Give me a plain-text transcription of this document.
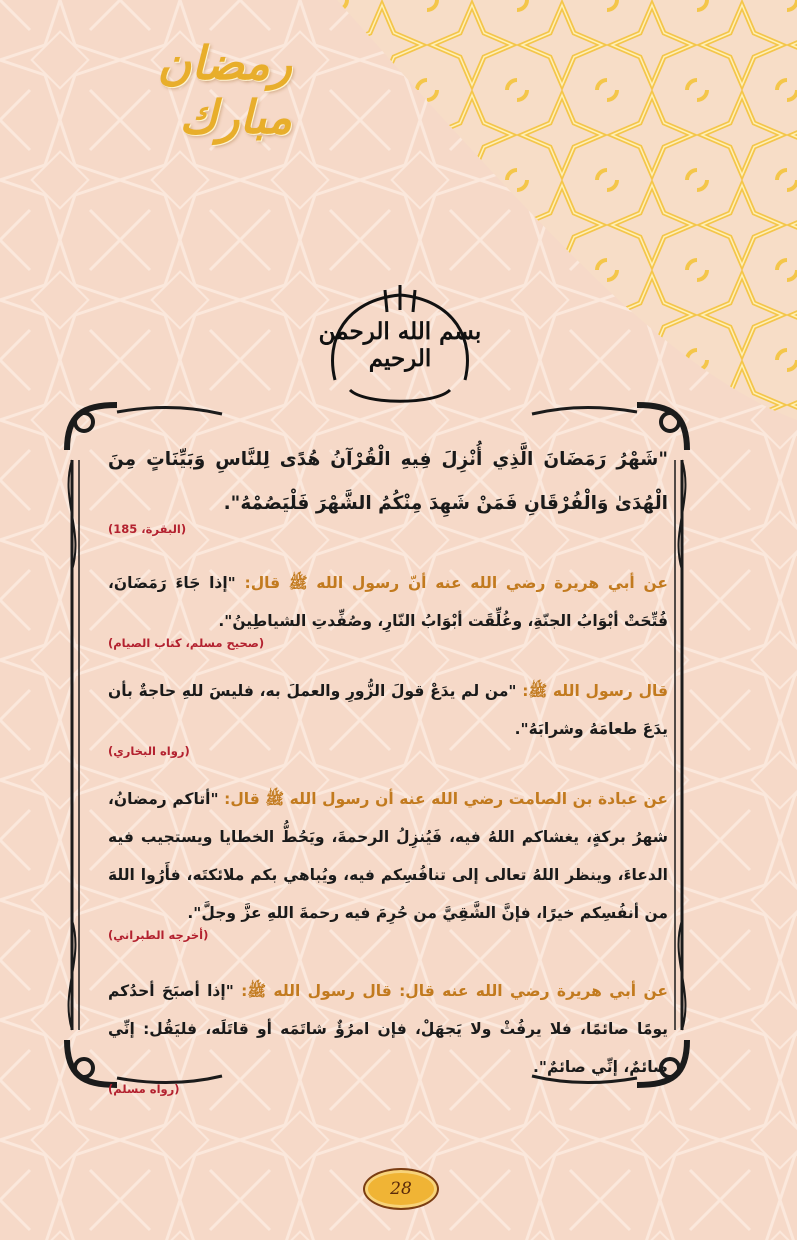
رمضان مبارك
بسم الله الرحمن الرحيم
"شَهْرُ رَمَضَانَ الَّذِي أُنْزِلَ فِيهِ الْقُرْآنُ هُدًى لِلنَّاسِ وَبَيِّنَاتٍ مِنَ الْهُدَىٰ وَالْفُرْقَانِ فَمَنْ شَهِدَ مِنْكُمُ الشَّهْرَ فَلْيَصُمْهُ".
(البقرة، 185)
عن أبي هريرة رضي الله عنه أنّ رسول الله ﷺ قال: "إذا جَاءَ رَمَضَانَ، فُتِّحَتْ أبْوَابُ الجنّةِ، وغُلِّقَت أبْوَابُ النّارِ، وصُفِّدتِ الشياطِينُ".
(صحيح مسلم، كتاب الصيام)
قال رسول الله ﷺ: "من لم يدَعْ قولَ الزُّورِ والعملَ به، فليسَ للهِ حاجةٌ بأن يدَعَ طعامَهُ وشرابَهُ".
(رواه البخاري)
عن عبادة بن الصامت رضي الله عنه أن رسول الله ﷺ قال: "أتاكم رمضانُ، شهرُ بركةٍ، يغشاكم اللهُ فيه، فَيُنزِلُ الرحمةَ، ويَحُطُّ الخطايا ويستجيب فيه الدعاءَ، وينظر اللهُ تعالى إلى تنافُسِكم فيه، ويُباهي بكم ملائكتَه، فأَرُوا اللهَ من أنفُسِكم خيرًا، فإنَّ الشَّقِيَّ من حُرِمَ فيه رحمةَ اللهِ عزَّ وجلَّ".
(أخرجه الطبراني)
عن أبي هريرة رضي الله عنه قال: قال رسول الله ﷺ: "إذا أصبَحَ أحدُكم يومًا صائمًا، فلا يرفُثْ ولا يَجهَلْ، فإن امرُؤٌ شاتَمَه أو قاتَلَه، فليَقُل: إنِّي صائمٌ، إنِّي صائمٌ".
(رواه مسلم)
28
